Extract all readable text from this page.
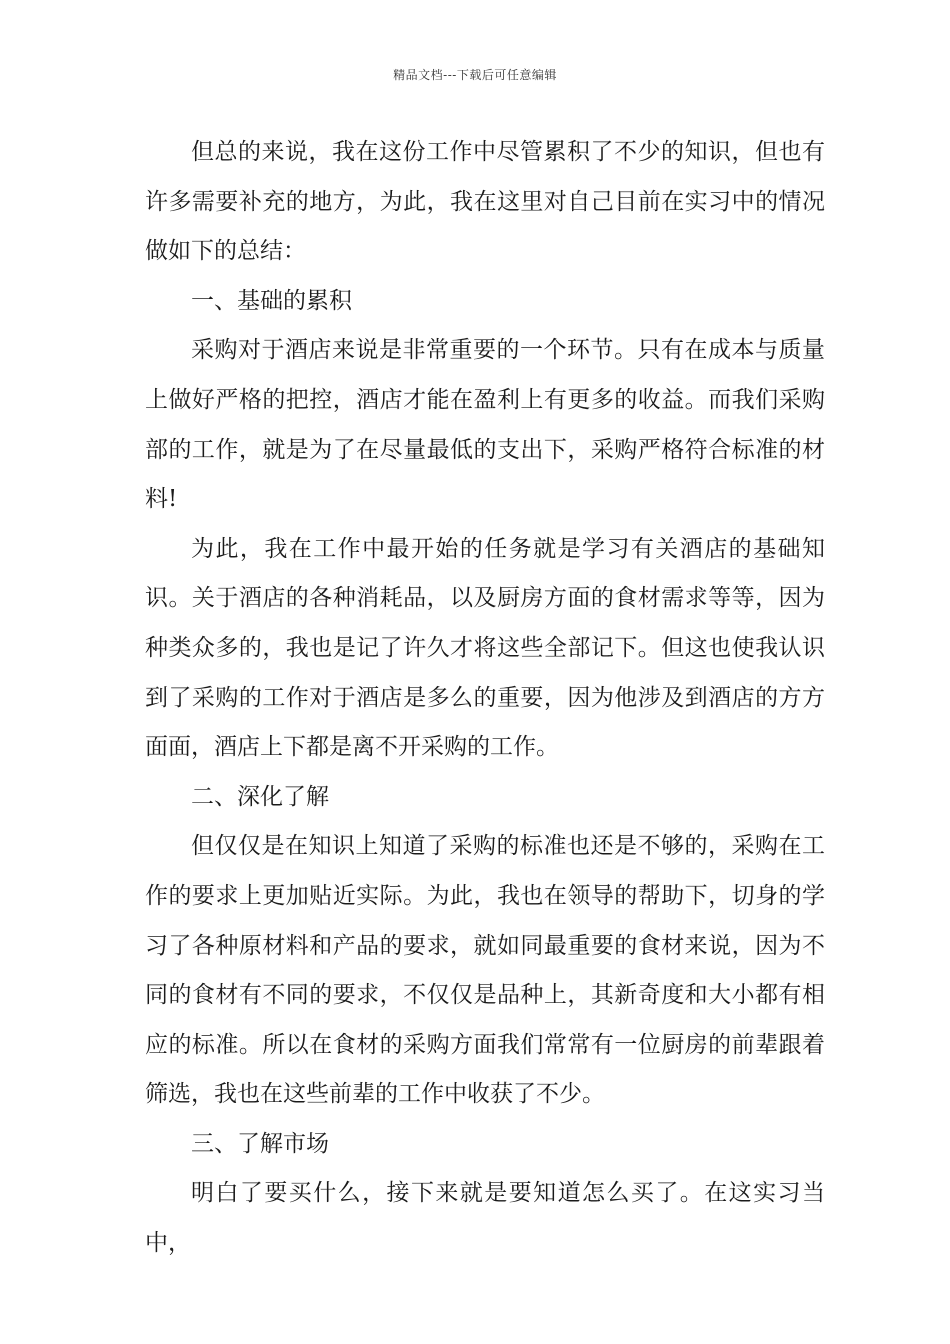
精品文档---下载后可任意编辑

但总的来说，我在这份工作中尽管累积了不少的知识，但也有许多需要补充的地方，为此，我在这里对自己目前在实习中的情况做如下的总结：

一、基础的累积

采购对于酒店来说是非常重要的一个环节。只有在成本与质量上做好严格的把控，酒店才能在盈利上有更多的收益。而我们采购部的工作，就是为了在尽量最低的支出下，采购严格符合标准的材料!

为此，我在工作中最开始的任务就是学习有关酒店的基础知识。关于酒店的各种消耗品，以及厨房方面的食材需求等等，因为种类众多的，我也是记了许久才将这些全部记下。但这也使我认识到了采购的工作对于酒店是多么的重要，因为他涉及到酒店的方方面面，酒店上下都是离不开采购的工作。

二、深化了解

但仅仅是在知识上知道了采购的标准也还是不够的，采购在工作的要求上更加贴近实际。为此，我也在领导的帮助下，切身的学习了各种原材料和产品的要求，就如同最重要的食材来说，因为不同的食材有不同的要求，不仅仅是品种上，其新奇度和大小都有相应的标准。所以在食材的采购方面我们常常有一位厨房的前辈跟着筛选，我也在这些前辈的工作中收获了不少。

三、了解市场

明白了要买什么，接下来就是要知道怎么买了。在这实习当中，
